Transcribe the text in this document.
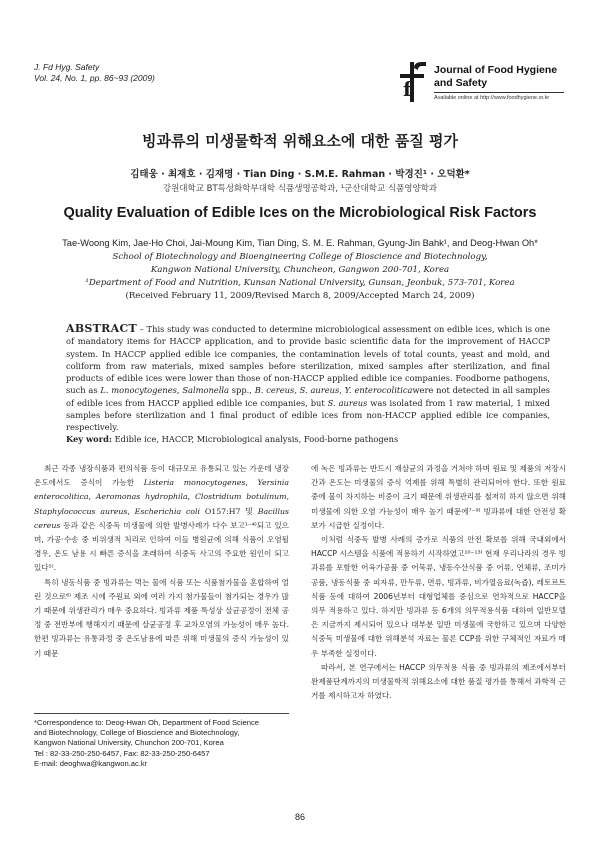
J. Fd Hyg. Safety
Vol. 24, No. 1, pp. 86~93 (2009)	f
Journal of Food Hygiene
and Safety
Available online at http://www.foodhygiene.or.kr
빙과류의 미생물학적 위해요소에 대한 품질 평가
김태웅 · 최재호 · 김재명 · Tian Ding · S.M.E. Rahman · 박경진¹ · 오덕환*
강원대학교 BT특성화학부대학 식품생명공학과, ¹군산대학교 식품영양학과
Quality Evaluation of Edible Ices on the Microbiological Risk Factors
Tae-Woong Kim, Jae-Ho Choi, Jai-Moung Kim, Tian Ding, S. M. E. Rahman, Gyung-Jin Bahk¹, and Deog-Hwan Oh*
School of Biotechnology and Bioengineering College of Bioscience and Biotechnology,
Kangwon National University, Chuncheon, Gangwon 200-701, Korea
¹Department of Food and Nutrition, Kunsan National University, Gunsan, Jeonbuk, 573-701, Korea
(Received February 11, 2009/Revised March 8, 2009/Accepted March 24, 2009)
ABSTRACT – This study was conducted to determine microbiological assessment on edible ices, which is one of mandatory items for HACCP application, and to provide basic scientific data for the improvement of HACCP system. In HACCP applied edible ice companies, the contamination levels of total counts, yeast and mold, and coliform from raw materials, mixed samples before sterilization, mixed samples after sterilization, and final products of edible ices were lower than those of non-HACCP applied edible ice companies. Foodborne pathogens, such as L. monocytogenes, Salmonella spp., B. cereus, S. aureus, Y. enterocoliticawere not detected in all samples of edible ices from HACCP applied edible ice companies, but S. aureus was isolated from 1 raw material, 1 mixed samples before sterilization and 1 final product of edible ices from non-HACCP applied edible ice companies, respectively.
Key word: Edible ice, HACCP, Microbiological analysis, Food-borne pathogens

최근 각종 냉장식품과 편의식품 등이 대규모로 유통되고 있는 가운데 냉장온도에서도 증식이 가능한 Listeria monocytogenes, Yersinia enterocolitica, Aeromonas hydrophila, Clostridium botulinum, Staphylococcus aureus, Escherichia coli O157:H7 및 Bacillus cereus 등과 같은 식중독 미생물에 의한 발병사례가 다수 보고¹⁻⁴⁾되고 있으며, 가공·수송 중 비위생적 처리로 인하여 이들 병원균에 의해 식품이 오염될 경우, 온도 남용 시 빠른 증식을 초래하여 식중독 사고의 주요한 원인이 되고 있다⁵⁾.

특히 냉동식품 중 빙과류는 먹는 물에 식품 또는 식품첨가물을 혼합하여 얼린 것으로⁶⁾ 제조 시에 주원료 외에 여러 가지 첨가물들이 첨가되는 경우가 많기 때문에 위생관리가 매우 중요하다. 빙과류 제품 특성상 살균공정이 전체 공정 중 전반부에 행해지기 때문에 살균공정 후 교차오염의 가능성이 매우 높다. 한편 빙과류는 유통과정 중 온도남용에 따른 위해 미생물의 증식 가능성이 있기 때문

에 녹은 빙과류는 반드시 재살균의 과정을 거쳐야 하며 원료 및 제품의 저장시간과 온도는 미생물의 증식 억제를 위해 특별히 관리되어야 한다. 또한 원료 중에 물이 차지하는 비중이 크기 때문에 위생관리를 철저히 하지 않으면 위해 미생물에 의한 오염 가능성이 매우 높기 때문에⁷⁻⁹⁾ 빙과류에 대한 안전성 확보가 시급한 실정이다.

이처럼 식중독 발병 사례의 증가로 식품의 안전 확보를 위해 국내외에서 HACCP 시스템을 식품에 적용하기 시작하였고¹⁰⁻¹³⁾ 현재 우리나라의 경우 빙과류를 포함한 어육가공품 중 어묵류, 냉동수산식품 중 어류, 연체류, 조미가공품, 냉동식품 중 피자류, 만두류, 면류, 빙과류, 비가열음료(녹즙), 레토르트 식품 등에 대하여 2006년부터 대형업체를 중심으로 연차적으로 HACCP을 의무 적용하고 있다. 하지만 빙과류 등 6개의 의무적용식품 대하여 일반모델은 지금까지 제시되어 있으나 대부분 일반 미생물에 국한하고 있으며 다양한 식중독 미생물에 대한 위해분석 자료는 물론 CCP를 위한 구체적인 자료가 매우 부족한 실정이다.

따라서, 본 연구에서는 HACCP 의무적용 식품 중 빙과류의 제조에서부터 완제품단계까지의 미생물학적 위해요소에 대한 품질 평가를 통해서 과학적 근거를 제시하고자 하였다.

*Correspondence to: Deog-Hwan Oh, Department of Food Science
and Biotechnology, College of Bioscience and Biotechnology,
Kangwon National University, Chunchon 200-701, Korea
Tel : 82-33-250-250-6457, Fax: 82-33-250-250-6457
E-mail: deoghwa@kangwon.ac.kr
86
